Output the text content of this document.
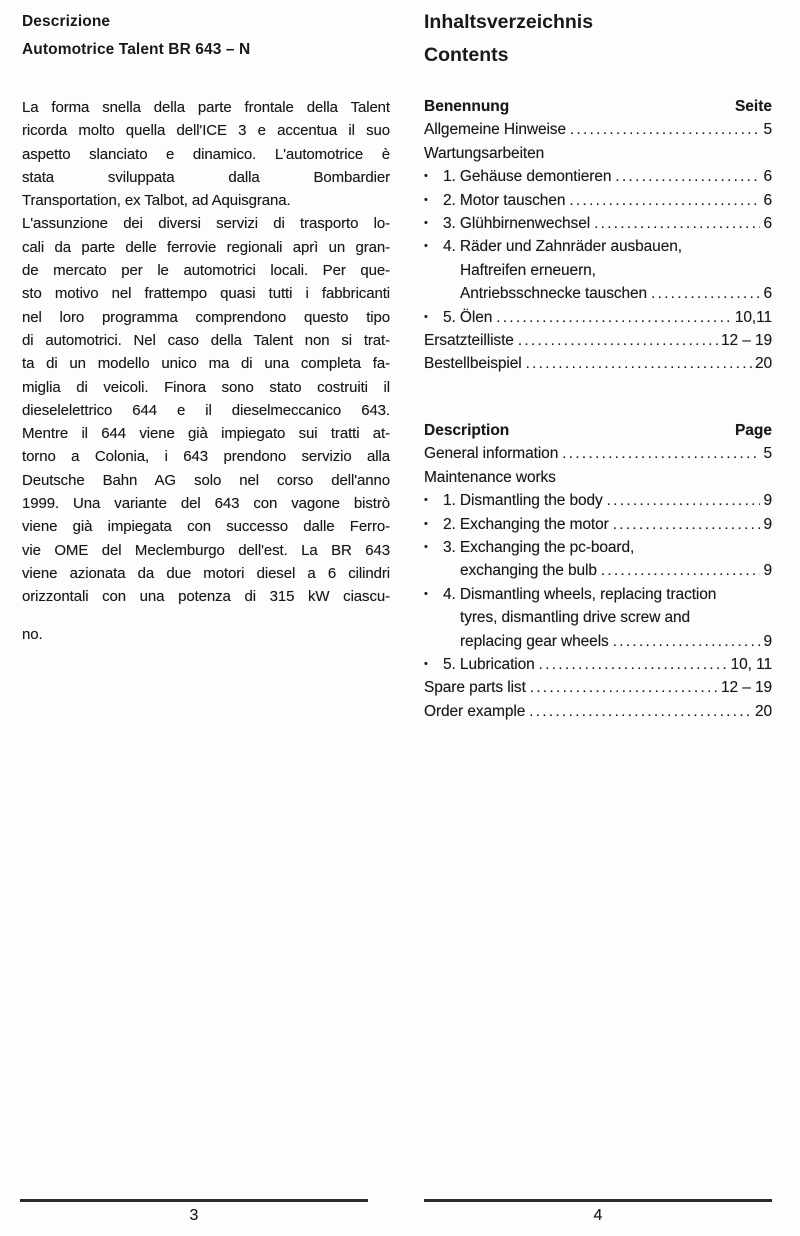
Descrizione
Automotrice Talent BR 643 – N
La forma snella della parte frontale della Talent
ricorda molto quella dell'ICE 3 e accentua il suo
aspetto slanciato e dinamico. L'automotrice è
stata sviluppata dalla Bombardier
Transportation, ex Talbot, ad Aquisgrana.
L'assunzione dei diversi servizi di trasporto lo-
cali da parte delle ferrovie regionali aprì un gran-
de mercato per le automotrici locali. Per que-
sto motivo nel frattempo quasi tutti i fabbricanti
nel loro programma comprendono questo tipo
di automotrici. Nel caso della Talent non si trat-
ta di un modello unico ma di una completa fa-
miglia di veicoli. Finora sono stato costruiti il
dieselelettrico 644 e il dieselmeccanico 643.
Mentre il 644 viene già impiegato sui tratti at-
torno a Colonia, i 643 prendono servizio alla
Deutsche Bahn AG solo nel corso dell'anno
1999. Una variante del 643 con vagone bistrò
viene già impiegata con successo dalle Ferro-
vie OME del Meclemburgo dell'est. La BR 643
viene azionata da due motori diesel a 6 cilindri
orizzontali con una potenza di 315 kW ciascu-
no.
Inhaltsverzeichnis
Contents
Benennung	Seite
Allgemeine Hinweise .....	5
Wartungsarbeiten
• 1. Gehäuse demontieren .....	6
• 2. Motor tauschen .....	6
• 3. Glühbirnenwechsel .....	6
• 4. Räder und Zahnräder ausbauen,
Haftreifen erneuern,
Antriebsschnecke tauschen .....	6
• 5. Ölen .....	10,11
Ersatzteilliste .....	12 – 19
Bestellbeispiel .....	20
Description	Page
General information .....	5
Maintenance works
• 1. Dismantling the body .....	9
• 2. Exchanging the motor .....	9
• 3. Exchanging the pc-board,
exchanging the bulb .....	9
• 4. Dismantling wheels, replacing traction
tyres, dismantling drive screw and
replacing gear wheels .....	9
• 5. Lubrication .....	10, 11
Spare parts list .....	12 – 19
Order example .....	20
3	4
